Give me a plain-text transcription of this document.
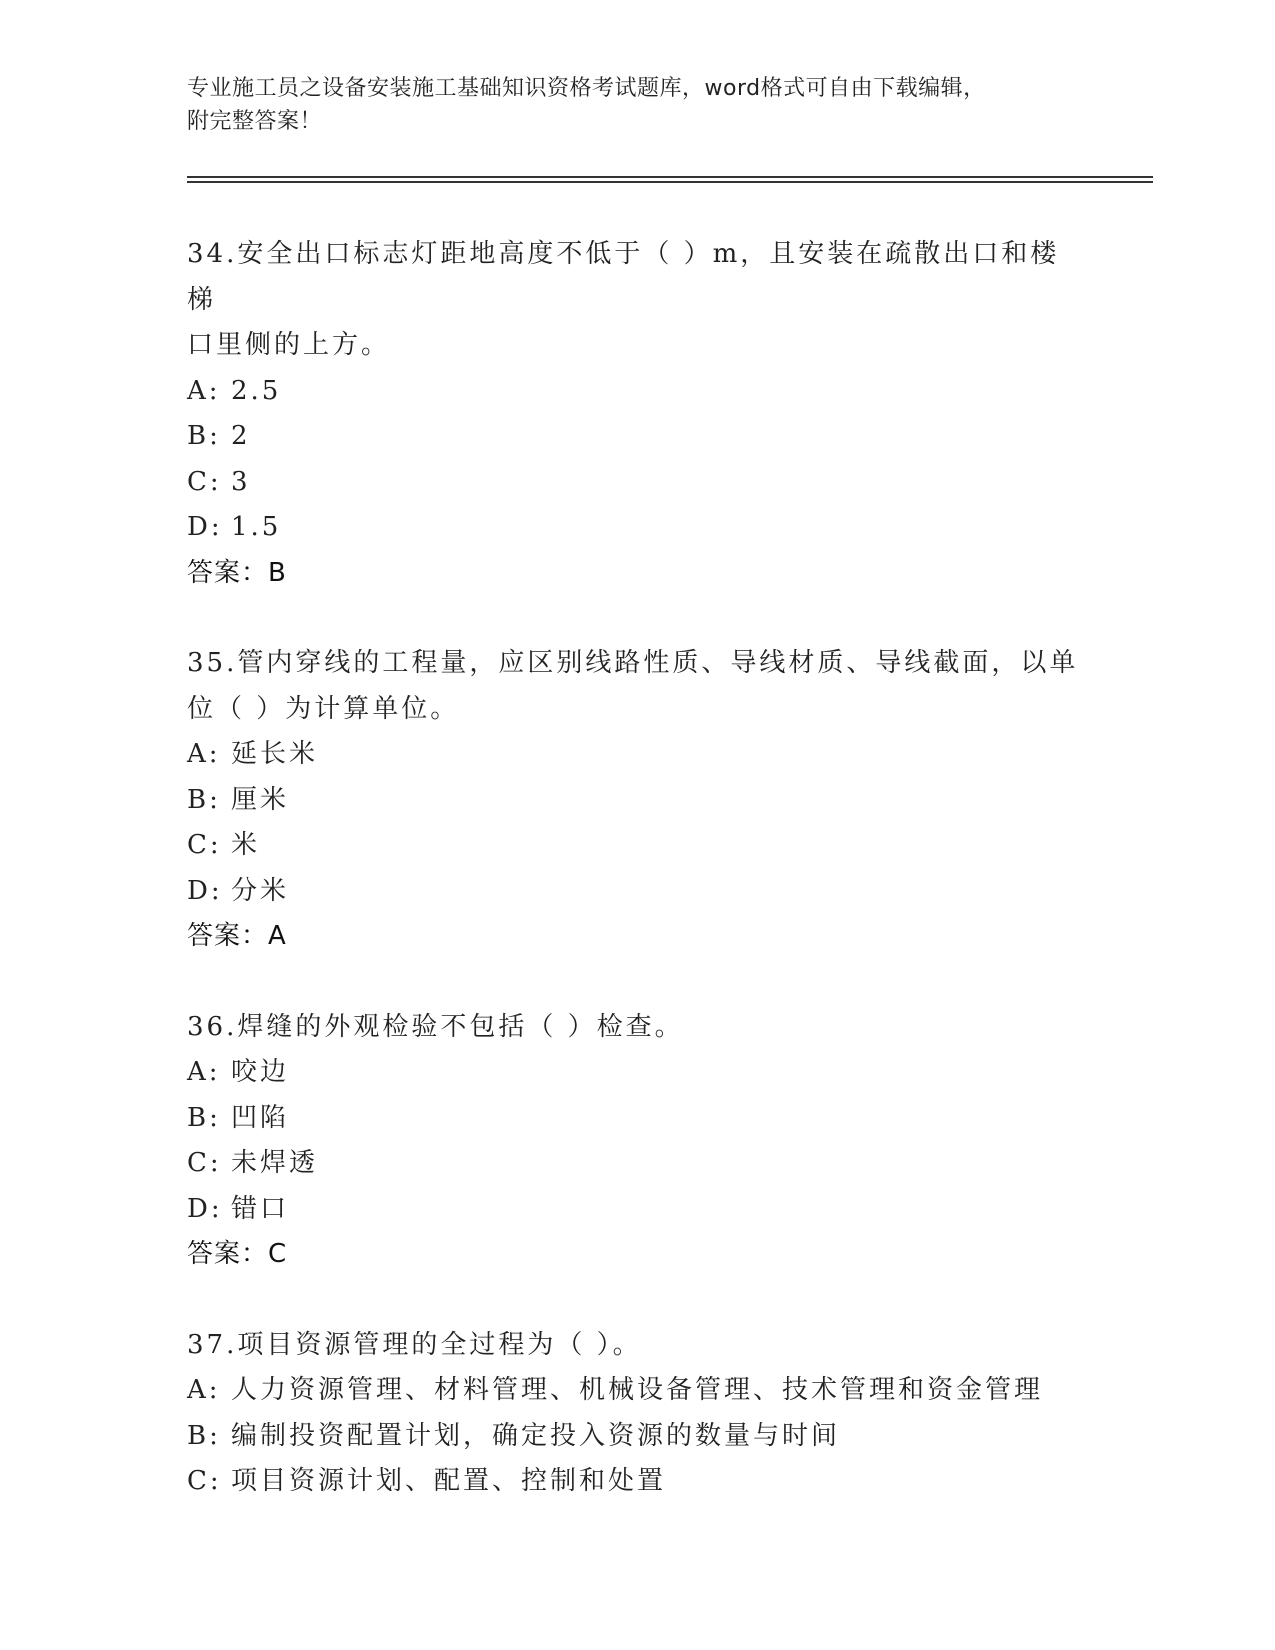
专业施工员之设备安装施工基础知识资格考试题库，word格式可自由下载编辑，

附完整答案！

34.安全出口标志灯距地高度不低于（ ）m，且安装在疏散出口和楼梯

口里侧的上方。

A: 2.5

B: 2

C: 3

D: 1.5

答案：B

35.管内穿线的工程量，应区别线路性质、导线材质、导线截面，以单

位（ ）为计算单位。

A: 延长米

B: 厘米

C: 米

D: 分米

答案：A

36.焊缝的外观检验不包括（ ）检查。

A: 咬边

B: 凹陷

C: 未焊透

D: 错口

答案：C

37.项目资源管理的全过程为（ ）。

A: 人力资源管理、材料管理、机械设备管理、技术管理和资金管理

B: 编制投资配置计划，确定投入资源的数量与时间

C: 项目资源计划、配置、控制和处置
